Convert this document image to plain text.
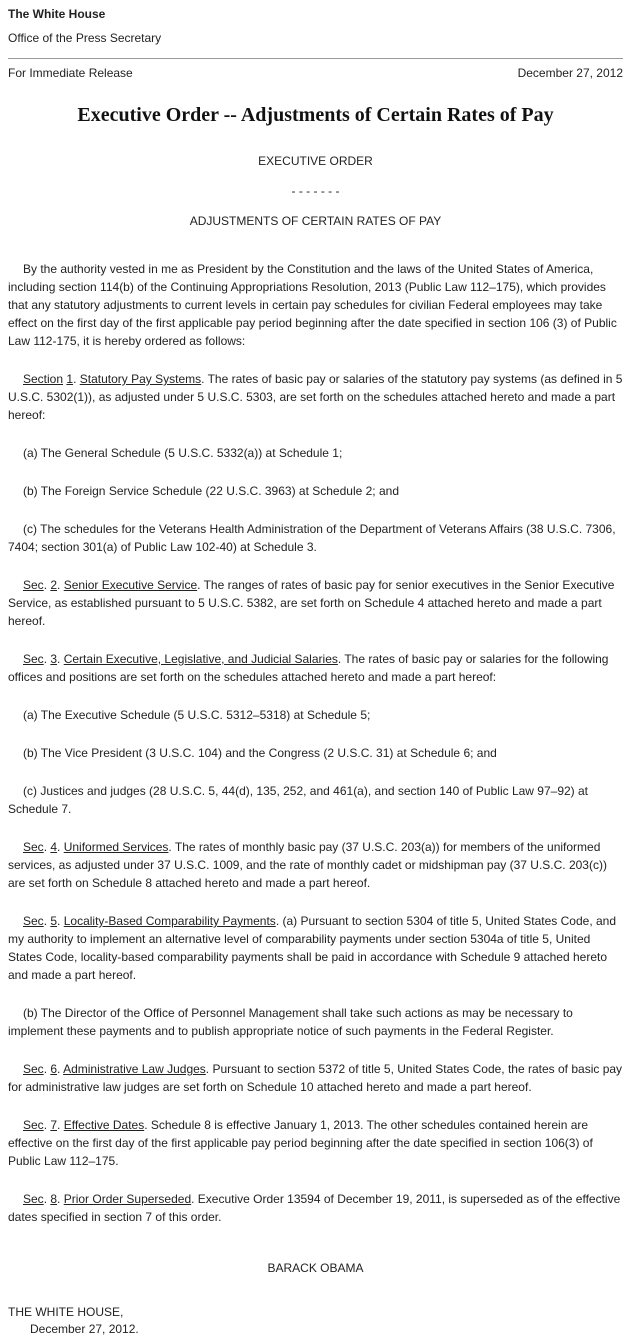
The White House
Office of the Press Secretary
For Immediate Release	December 27, 2012
Executive Order -- Adjustments of Certain Rates of Pay
EXECUTIVE ORDER
- - - - - - -
ADJUSTMENTS OF CERTAIN RATES OF PAY

By the authority vested in me as President by the Constitution and the laws of the United States of America, including section 114(b) of the Continuing Appropriations Resolution, 2013 (Public Law 112–175), which provides that any statutory adjustments to current levels in certain pay schedules for civilian Federal employees may take effect on the first day of the first applicable pay period beginning after the date specified in section 106 (3) of Public Law 112-175, it is hereby ordered as follows:

Section 1. Statutory Pay Systems. The rates of basic pay or salaries of the statutory pay systems (as defined in 5 U.S.C. 5302(1)), as adjusted under 5 U.S.C. 5303, are set forth on the schedules attached hereto and made a part hereof:

(a) The General Schedule (5 U.S.C. 5332(a)) at Schedule 1;

(b) The Foreign Service Schedule (22 U.S.C. 3963) at Schedule 2; and

(c) The schedules for the Veterans Health Administration of the Department of Veterans Affairs (38 U.S.C. 7306, 7404; section 301(a) of Public Law 102-40) at Schedule 3.

Sec. 2. Senior Executive Service. The ranges of rates of basic pay for senior executives in the Senior Executive Service, as established pursuant to 5 U.S.C. 5382, are set forth on Schedule 4 attached hereto and made a part hereof.

Sec. 3. Certain Executive, Legislative, and Judicial Salaries. The rates of basic pay or salaries for the following offices and positions are set forth on the schedules attached hereto and made a part hereof:

(a) The Executive Schedule (5 U.S.C. 5312–5318) at Schedule 5;

(b) The Vice President (3 U.S.C. 104) and the Congress (2 U.S.C. 31) at Schedule 6; and

(c) Justices and judges (28 U.S.C. 5, 44(d), 135, 252, and 461(a), and section 140 of Public Law 97–92) at Schedule 7.

Sec. 4. Uniformed Services. The rates of monthly basic pay (37 U.S.C. 203(a)) for members of the uniformed services, as adjusted under 37 U.S.C. 1009, and the rate of monthly cadet or midshipman pay (37 U.S.C. 203(c)) are set forth on Schedule 8 attached hereto and made a part hereof.

Sec. 5. Locality-Based Comparability Payments. (a) Pursuant to section 5304 of title 5, United States Code, and my authority to implement an alternative level of comparability payments under section 5304a of title 5, United States Code, locality-based comparability payments shall be paid in accordance with Schedule 9 attached hereto and made a part hereof.

(b) The Director of the Office of Personnel Management shall take such actions as may be necessary to implement these payments and to publish appropriate notice of such payments in the Federal Register.

Sec. 6. Administrative Law Judges. Pursuant to section 5372 of title 5, United States Code, the rates of basic pay for administrative law judges are set forth on Schedule 10 attached hereto and made a part hereof.

Sec. 7. Effective Dates. Schedule 8 is effective January 1, 2013. The other schedules contained herein are effective on the first day of the first applicable pay period beginning after the date specified in section 106(3) of Public Law 112–175.

Sec. 8. Prior Order Superseded. Executive Order 13594 of December 19, 2011, is superseded as of the effective dates specified in section 7 of this order.

BARACK OBAMA
THE WHITE HOUSE,
December 27, 2012.
